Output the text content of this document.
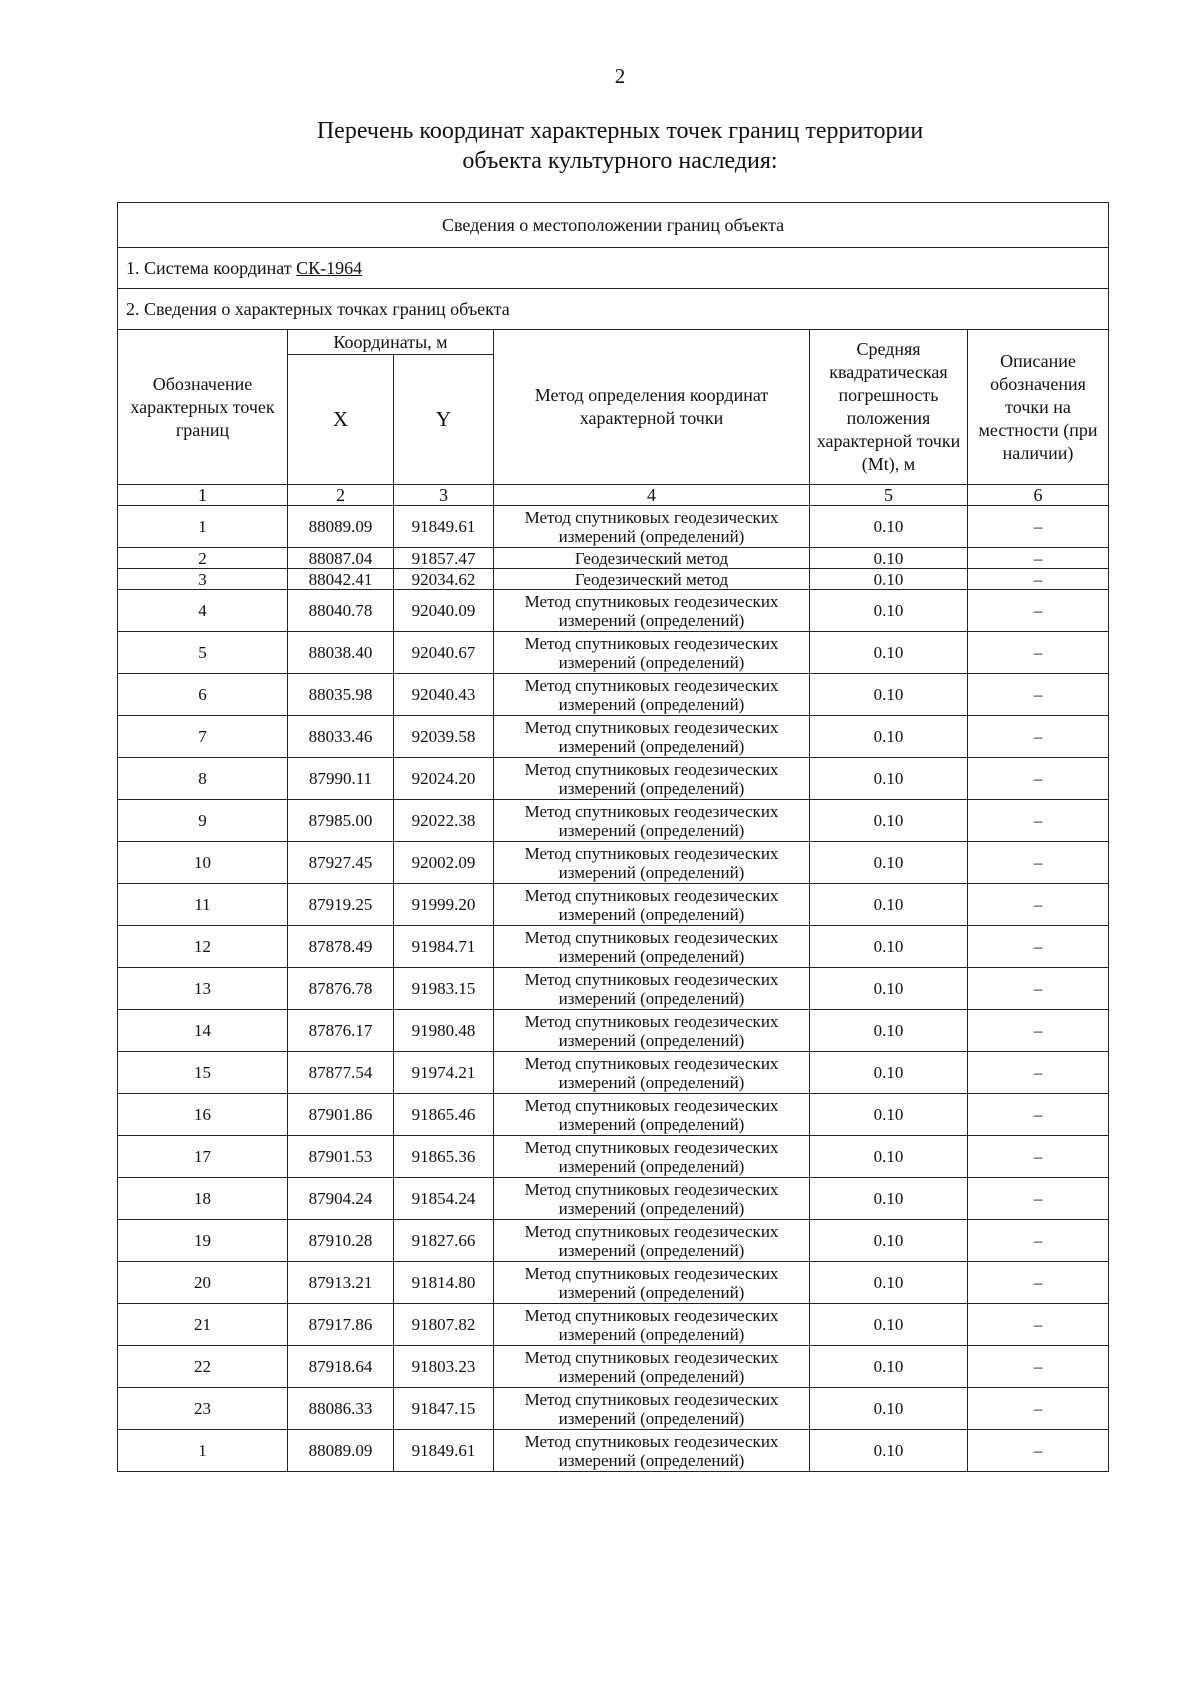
2
Перечень координат характерных точек границ территории
объекта культурного наследия:
Сведения о местоположении границ объекта					
1. Система координат СК-1964					
2. Сведения о характерных точках границ объекта					
Обозначение характерных точек границ	Координаты, м		Метод определения координат характерной точки	Средняя квадратическая погрешность положения характерной точки (Mt), м	Описание обозначения точки на местности (при наличии)
	X	Y			
1	2	3	4	5	6
1	88089.09	91849.61	Метод спутниковых геодезических измерений (определений)	0.10	–
2	88087.04	91857.47	Геодезический метод	0.10	–
3	88042.41	92034.62	Геодезический метод	0.10	–
4	88040.78	92040.09	Метод спутниковых геодезических измерений (определений)	0.10	–
5	88038.40	92040.67	Метод спутниковых геодезических измерений (определений)	0.10	–
6	88035.98	92040.43	Метод спутниковых геодезических измерений (определений)	0.10	–
7	88033.46	92039.58	Метод спутниковых геодезических измерений (определений)	0.10	–
8	87990.11	92024.20	Метод спутниковых геодезических измерений (определений)	0.10	–
9	87985.00	92022.38	Метод спутниковых геодезических измерений (определений)	0.10	–
10	87927.45	92002.09	Метод спутниковых геодезических измерений (определений)	0.10	–
11	87919.25	91999.20	Метод спутниковых геодезических измерений (определений)	0.10	–
12	87878.49	91984.71	Метод спутниковых геодезических измерений (определений)	0.10	–
13	87876.78	91983.15	Метод спутниковых геодезических измерений (определений)	0.10	–
14	87876.17	91980.48	Метод спутниковых геодезических измерений (определений)	0.10	–
15	87877.54	91974.21	Метод спутниковых геодезических измерений (определений)	0.10	–
16	87901.86	91865.46	Метод спутниковых геодезических измерений (определений)	0.10	–
17	87901.53	91865.36	Метод спутниковых геодезических измерений (определений)	0.10	–
18	87904.24	91854.24	Метод спутниковых геодезических измерений (определений)	0.10	–
19	87910.28	91827.66	Метод спутниковых геодезических измерений (определений)	0.10	–
20	87913.21	91814.80	Метод спутниковых геодезических измерений (определений)	0.10	–
21	87917.86	91807.82	Метод спутниковых геодезических измерений (определений)	0.10	–
22	87918.64	91803.23	Метод спутниковых геодезических измерений (определений)	0.10	–
23	88086.33	91847.15	Метод спутниковых геодезических измерений (определений)	0.10	–
1	88089.09	91849.61	Метод спутниковых геодезических измерений (определений)	0.10	–
